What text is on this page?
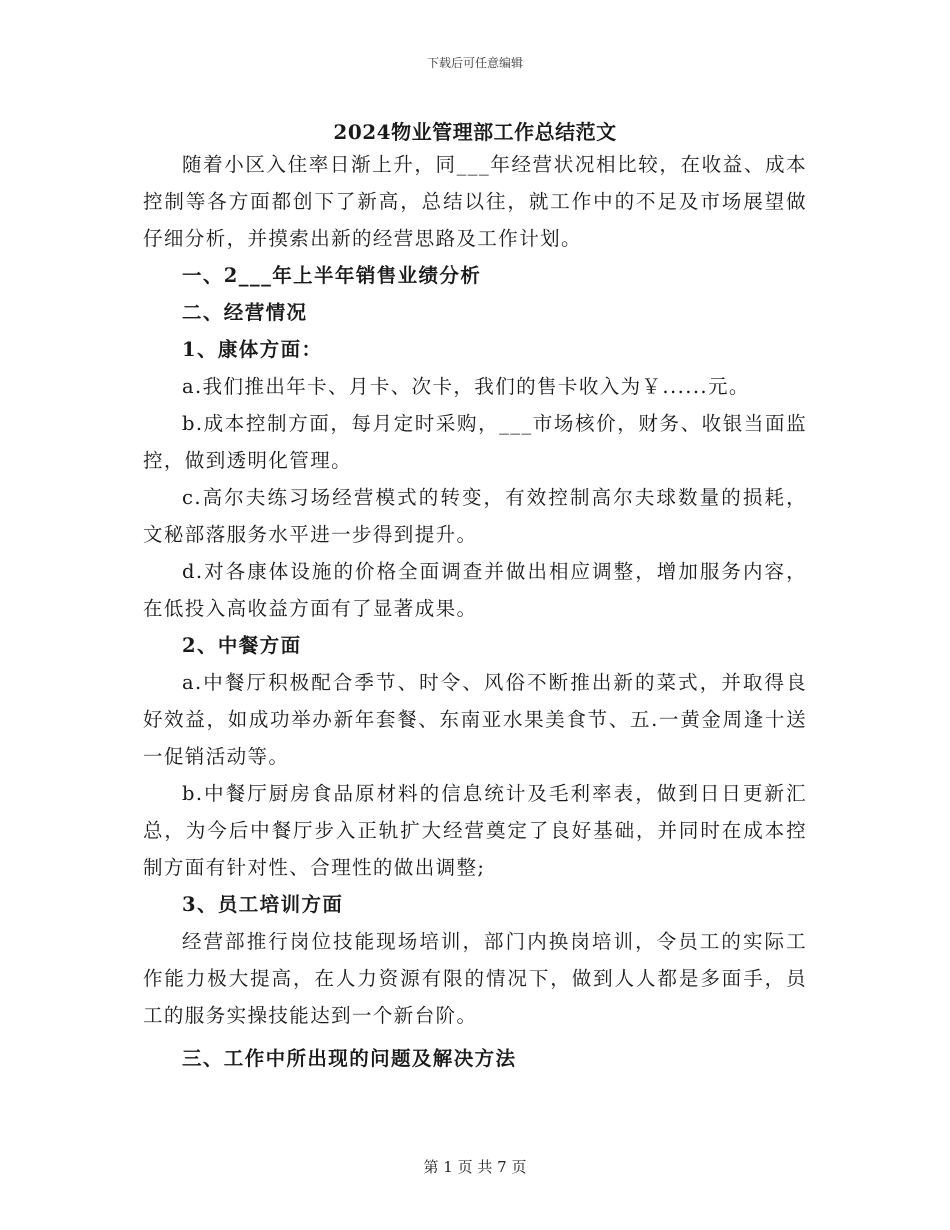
下载后可任意编辑
2024物业管理部工作总结范文

随着小区入住率日渐上升，同___年经营状况相比较，在收益、成本控制等各方面都创下了新高，总结以往，就工作中的不足及市场展望做仔细分析，并摸索出新的经营思路及工作计划。

一、2___年上半年销售业绩分析

二、经营情况

1、康体方面：

a.我们推出年卡、月卡、次卡，我们的售卡收入为￥......元。

b.成本控制方面，每月定时采购，___市场核价，财务、收银当面监控，做到透明化管理。

c.高尔夫练习场经营模式的转变，有效控制高尔夫球数量的损耗，文秘部落服务水平进一步得到提升。

d.对各康体设施的价格全面调查并做出相应调整，增加服务内容，在低投入高收益方面有了显著成果。

2、中餐方面

a.中餐厅积极配合季节、时令、风俗不断推出新的菜式，并取得良好效益，如成功举办新年套餐、东南亚水果美食节、五.一黄金周逢十送一促销活动等。

b.中餐厅厨房食品原材料的信息统计及毛利率表，做到日日更新汇总，为今后中餐厅步入正轨扩大经营奠定了良好基础，并同时在成本控制方面有针对性、合理性的做出调整;

3、员工培训方面

经营部推行岗位技能现场培训，部门内换岗培训，令员工的实际工作能力极大提高，在人力资源有限的情况下，做到人人都是多面手，员工的服务实操技能达到一个新台阶。

三、工作中所出现的问题及解决方法

第 1 页 共 7 页
